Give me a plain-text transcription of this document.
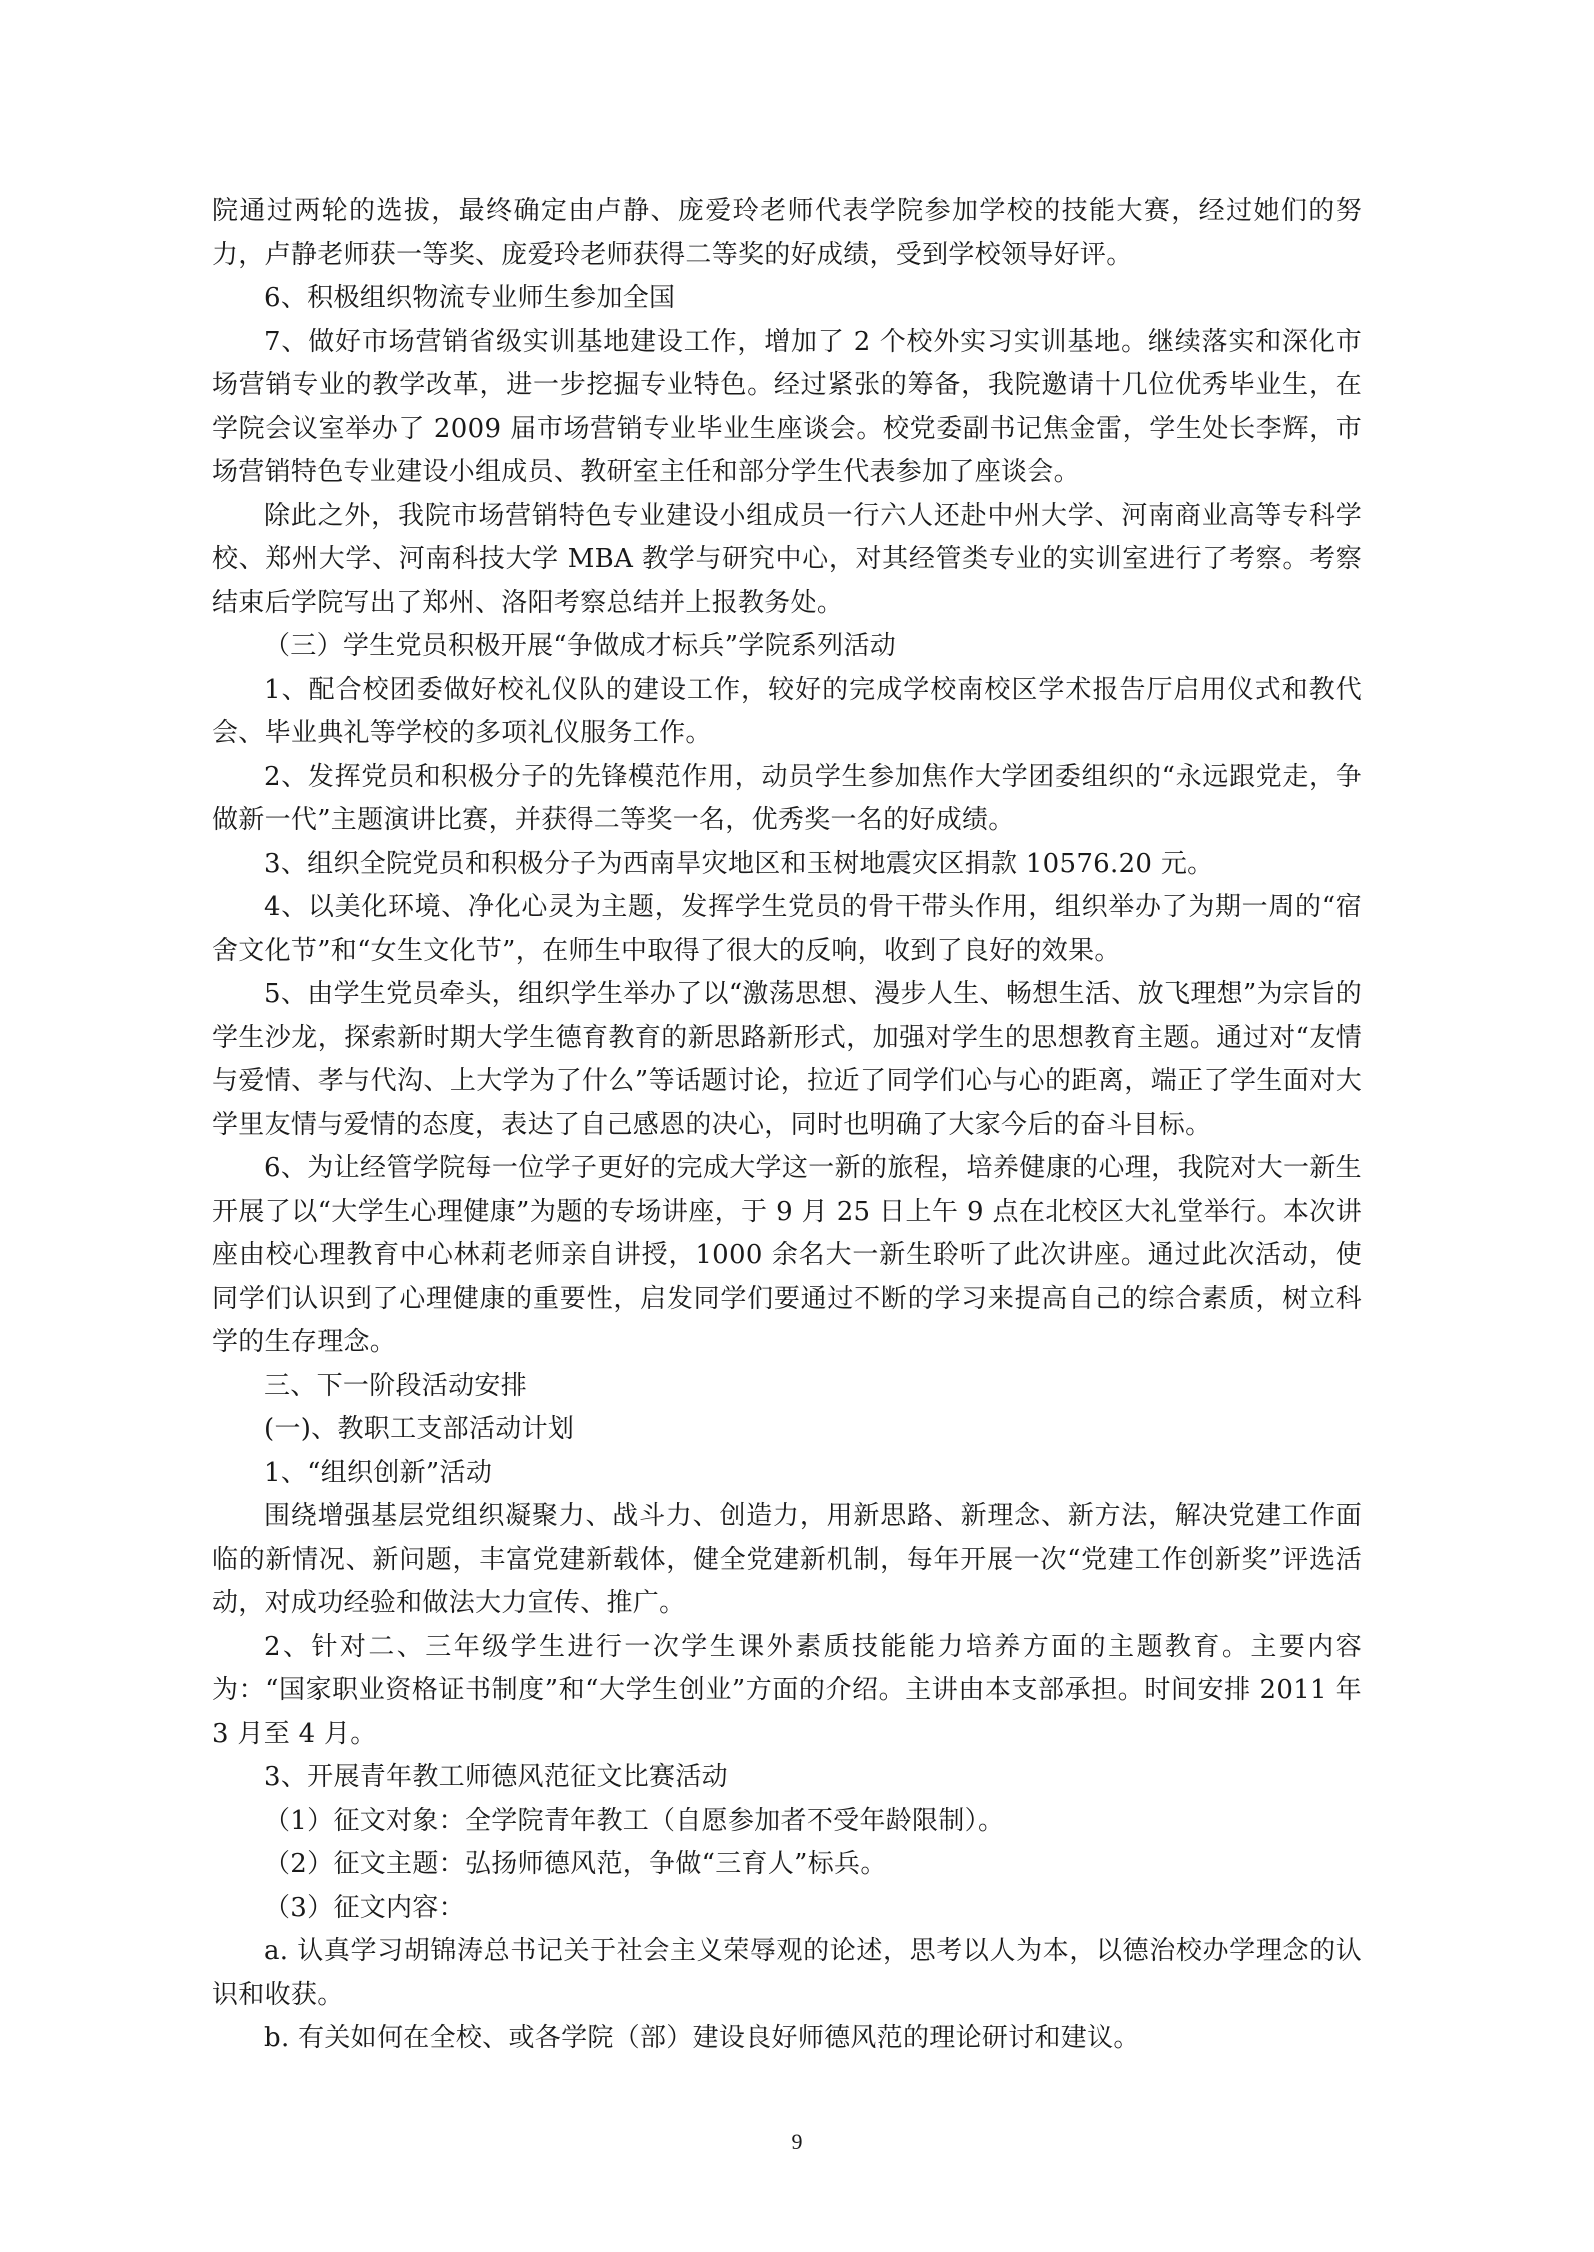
院通过两轮的选拔，最终确定由卢静、庞爱玲老师代表学院参加学校的技能大赛，经过她们的努力，卢静老师获一等奖、庞爱玲老师获得二等奖的好成绩，受到学校领导好评。

6、积极组织物流专业师生参加全国

7、做好市场营销省级实训基地建设工作，增加了 2 个校外实习实训基地。继续落实和深化市场营销专业的教学改革，进一步挖掘专业特色。经过紧张的筹备，我院邀请十几位优秀毕业生，在学院会议室举办了 2009 届市场营销专业毕业生座谈会。校党委副书记焦金雷，学生处长李辉，市场营销特色专业建设小组成员、教研室主任和部分学生代表参加了座谈会。

除此之外，我院市场营销特色专业建设小组成员一行六人还赴中州大学、河南商业高等专科学校、郑州大学、河南科技大学 MBA 教学与研究中心，对其经管类专业的实训室进行了考察。考察结束后学院写出了郑州、洛阳考察总结并上报教务处。

（三）学生党员积极开展“争做成才标兵”学院系列活动

1、配合校团委做好校礼仪队的建设工作，较好的完成学校南校区学术报告厅启用仪式和教代会、毕业典礼等学校的多项礼仪服务工作。

2、发挥党员和积极分子的先锋模范作用，动员学生参加焦作大学团委组织的“永远跟党走，争做新一代”主题演讲比赛，并获得二等奖一名，优秀奖一名的好成绩。

3、组织全院党员和积极分子为西南旱灾地区和玉树地震灾区捐款 10576.20 元。

4、以美化环境、净化心灵为主题，发挥学生党员的骨干带头作用，组织举办了为期一周的“宿舍文化节”和“女生文化节”，在师生中取得了很大的反响，收到了良好的效果。

5、由学生党员牵头，组织学生举办了以“激荡思想、漫步人生、畅想生活、放飞理想”为宗旨的学生沙龙，探索新时期大学生德育教育的新思路新形式，加强对学生的思想教育主题。通过对“友情与爱情、孝与代沟、上大学为了什么”等话题讨论，拉近了同学们心与心的距离，端正了学生面对大学里友情与爱情的态度，表达了自己感恩的决心，同时也明确了大家今后的奋斗目标。

6、为让经管学院每一位学子更好的完成大学这一新的旅程，培养健康的心理，我院对大一新生开展了以“大学生心理健康”为题的专场讲座，于 9 月 25 日上午 9 点在北校区大礼堂举行。本次讲座由校心理教育中心林莉老师亲自讲授，1000 余名大一新生聆听了此次讲座。通过此次活动，使同学们认识到了心理健康的重要性，启发同学们要通过不断的学习来提高自己的综合素质，树立科学的生存理念。

三、下一阶段活动安排

(一)、教职工支部活动计划

1、“组织创新”活动

围绕增强基层党组织凝聚力、战斗力、创造力，用新思路、新理念、新方法，解决党建工作面临的新情况、新问题，丰富党建新载体，健全党建新机制，每年开展一次“党建工作创新奖”评选活动，对成功经验和做法大力宣传、推广。

2、针对二、三年级学生进行一次学生课外素质技能能力培养方面的主题教育。主要内容为：“国家职业资格证书制度”和“大学生创业”方面的介绍。主讲由本支部承担。时间安排 2011 年 3 月至 4 月。

3、开展青年教工师德风范征文比赛活动

（1）征文对象：全学院青年教工（自愿参加者不受年龄限制）。

（2）征文主题：弘扬师德风范，争做“三育人”标兵。

（3）征文内容：

a. 认真学习胡锦涛总书记关于社会主义荣辱观的论述，思考以人为本，以德治校办学理念的认识和收获。

b. 有关如何在全校、或各学院（部）建设良好师德风范的理论研讨和建议。

9
